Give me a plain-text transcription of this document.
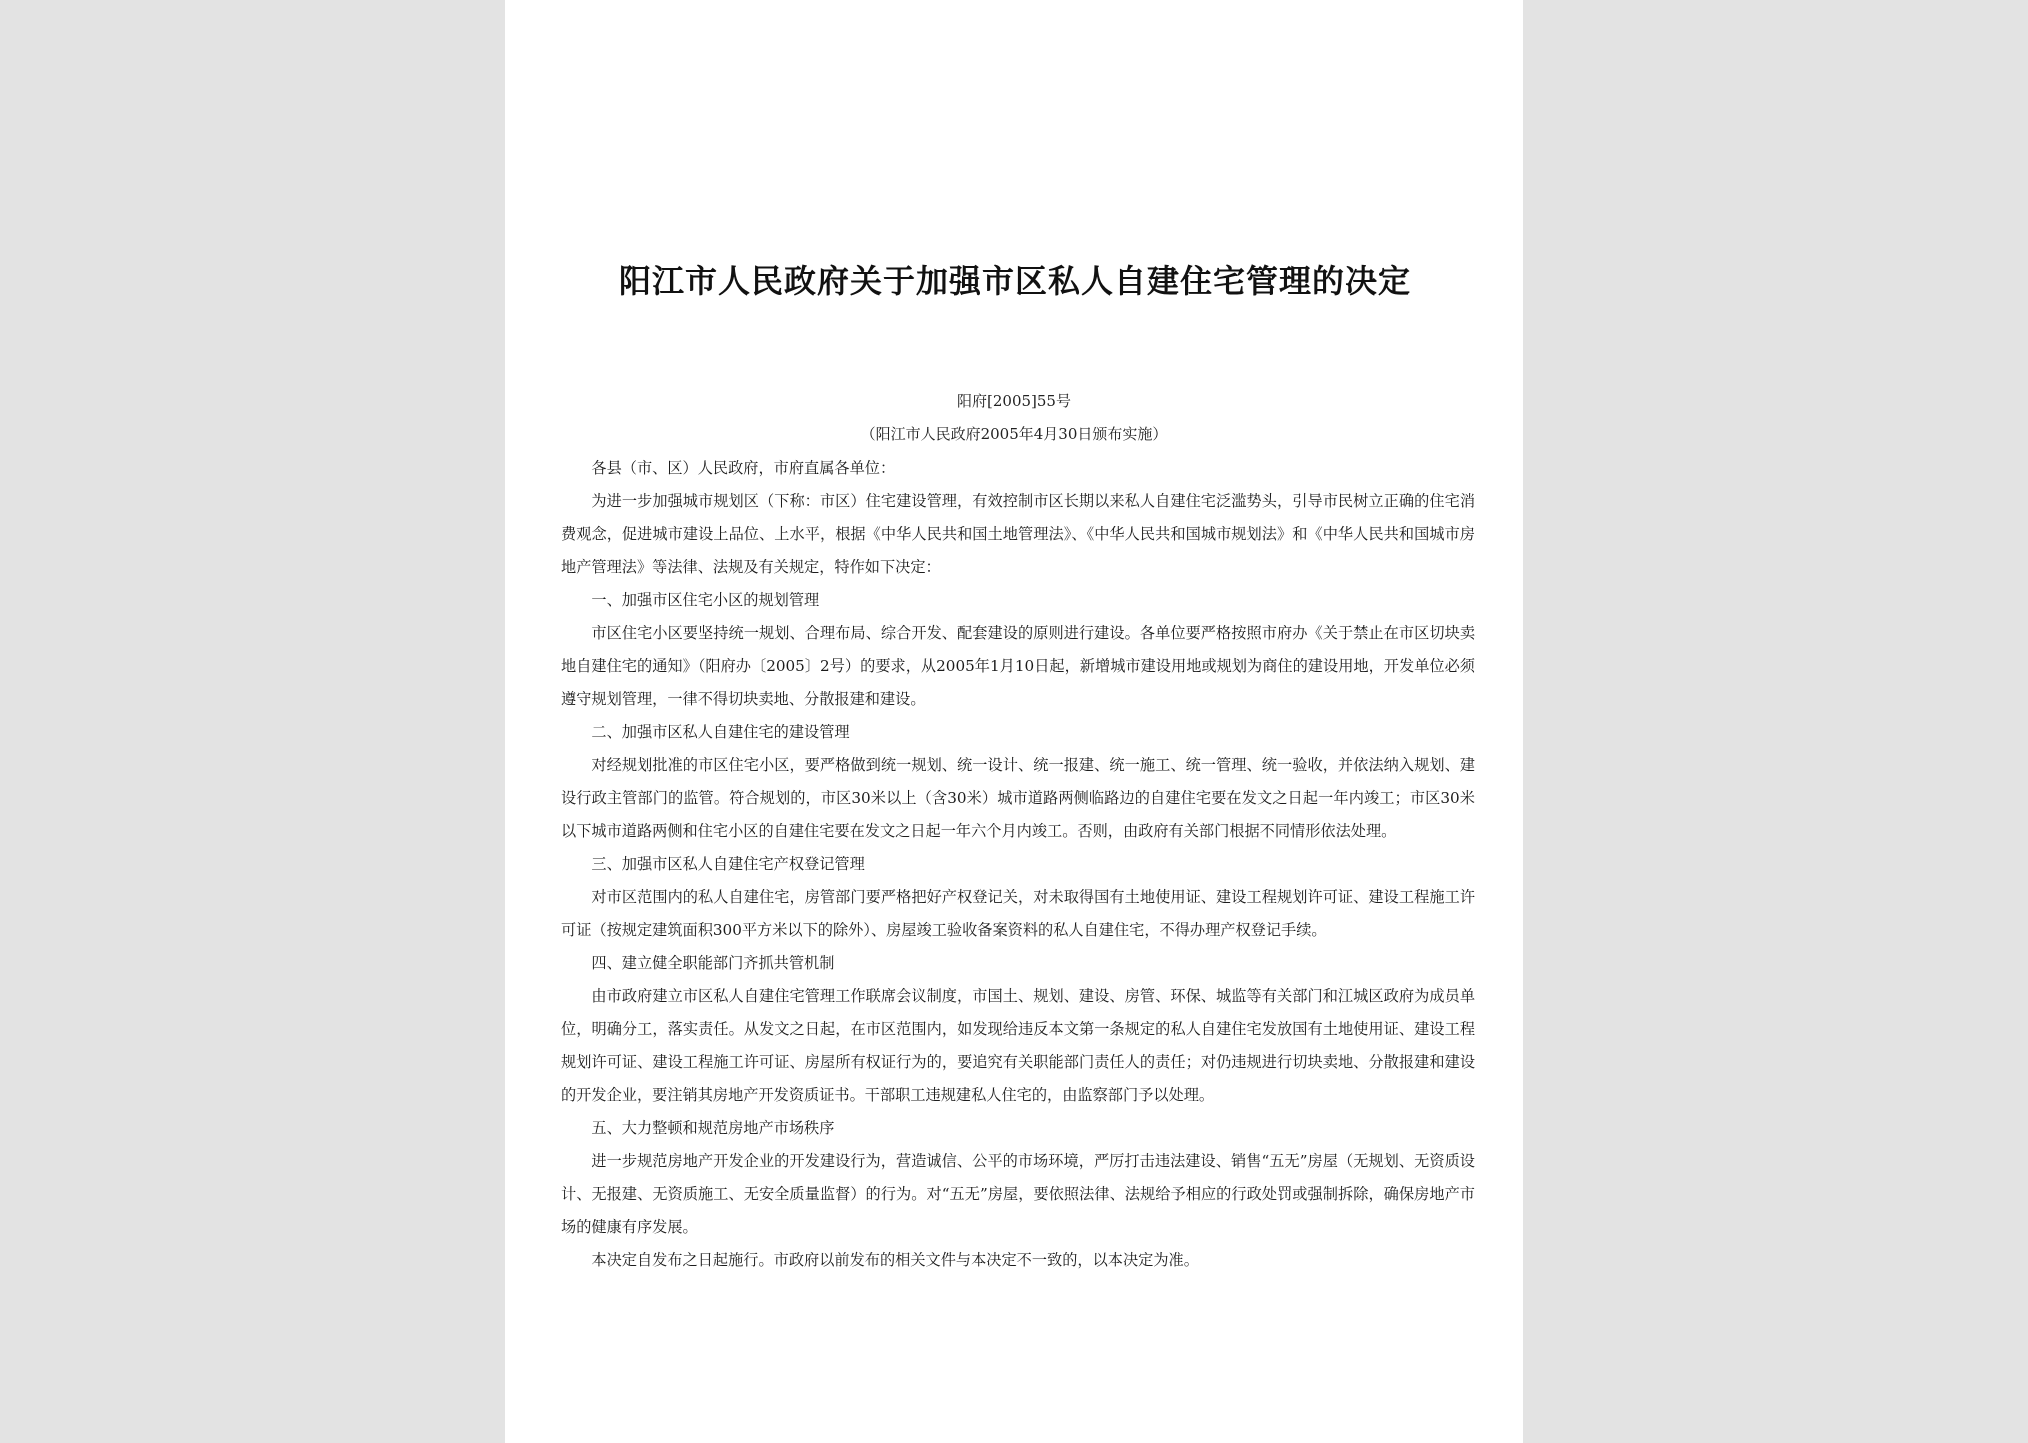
阳江市人民政府关于加强市区私人自建住宅管理的决定
阳府[2005]55号
（阳江市人民政府2005年4月30日颁布实施）

各县（市、区）人民政府，市府直属各单位：

为进一步加强城市规划区（下称：市区）住宅建设管理，有效控制市区长期以来私人自建住宅泛滥势头，引导市民树立正确的住宅消费观念，促进城市建设上品位、上水平，根据《中华人民共和国土地管理法》、《中华人民共和国城市规划法》和《中华人民共和国城市房地产管理法》等法律、法规及有关规定，特作如下决定：

一、加强市区住宅小区的规划管理

市区住宅小区要坚持统一规划、合理布局、综合开发、配套建设的原则进行建设。各单位要严格按照市府办《关于禁止在市区切块卖地自建住宅的通知》（阳府办〔2005〕2号）的要求，从2005年1月10日起，新增城市建设用地或规划为商住的建设用地，开发单位必须遵守规划管理，一律不得切块卖地、分散报建和建设。

二、加强市区私人自建住宅的建设管理

对经规划批准的市区住宅小区，要严格做到统一规划、统一设计、统一报建、统一施工、统一管理、统一验收，并依法纳入规划、建设行政主管部门的监管。符合规划的，市区30米以上（含30米）城市道路两侧临路边的自建住宅要在发文之日起一年内竣工；市区30米以下城市道路两侧和住宅小区的自建住宅要在发文之日起一年六个月内竣工。否则，由政府有关部门根据不同情形依法处理。

三、加强市区私人自建住宅产权登记管理

对市区范围内的私人自建住宅，房管部门要严格把好产权登记关，对未取得国有土地使用证、建设工程规划许可证、建设工程施工许可证（按规定建筑面积300平方米以下的除外）、房屋竣工验收备案资料的私人自建住宅，不得办理产权登记手续。

四、建立健全职能部门齐抓共管机制

由市政府建立市区私人自建住宅管理工作联席会议制度，市国土、规划、建设、房管、环保、城监等有关部门和江城区政府为成员单位，明确分工，落实责任。从发文之日起，在市区范围内，如发现给违反本文第一条规定的私人自建住宅发放国有土地使用证、建设工程规划许可证、建设工程施工许可证、房屋所有权证行为的，要追究有关职能部门责任人的责任；对仍违规进行切块卖地、分散报建和建设的开发企业，要注销其房地产开发资质证书。干部职工违规建私人住宅的，由监察部门予以处理。

五、大力整顿和规范房地产市场秩序

进一步规范房地产开发企业的开发建设行为，营造诚信、公平的市场环境，严厉打击违法建设、销售“五无”房屋（无规划、无资质设计、无报建、无资质施工、无安全质量监督）的行为。对“五无”房屋，要依照法律、法规给予相应的行政处罚或强制拆除，确保房地产市场的健康有序发展。

本决定自发布之日起施行。市政府以前发布的相关文件与本决定不一致的，以本决定为准。
